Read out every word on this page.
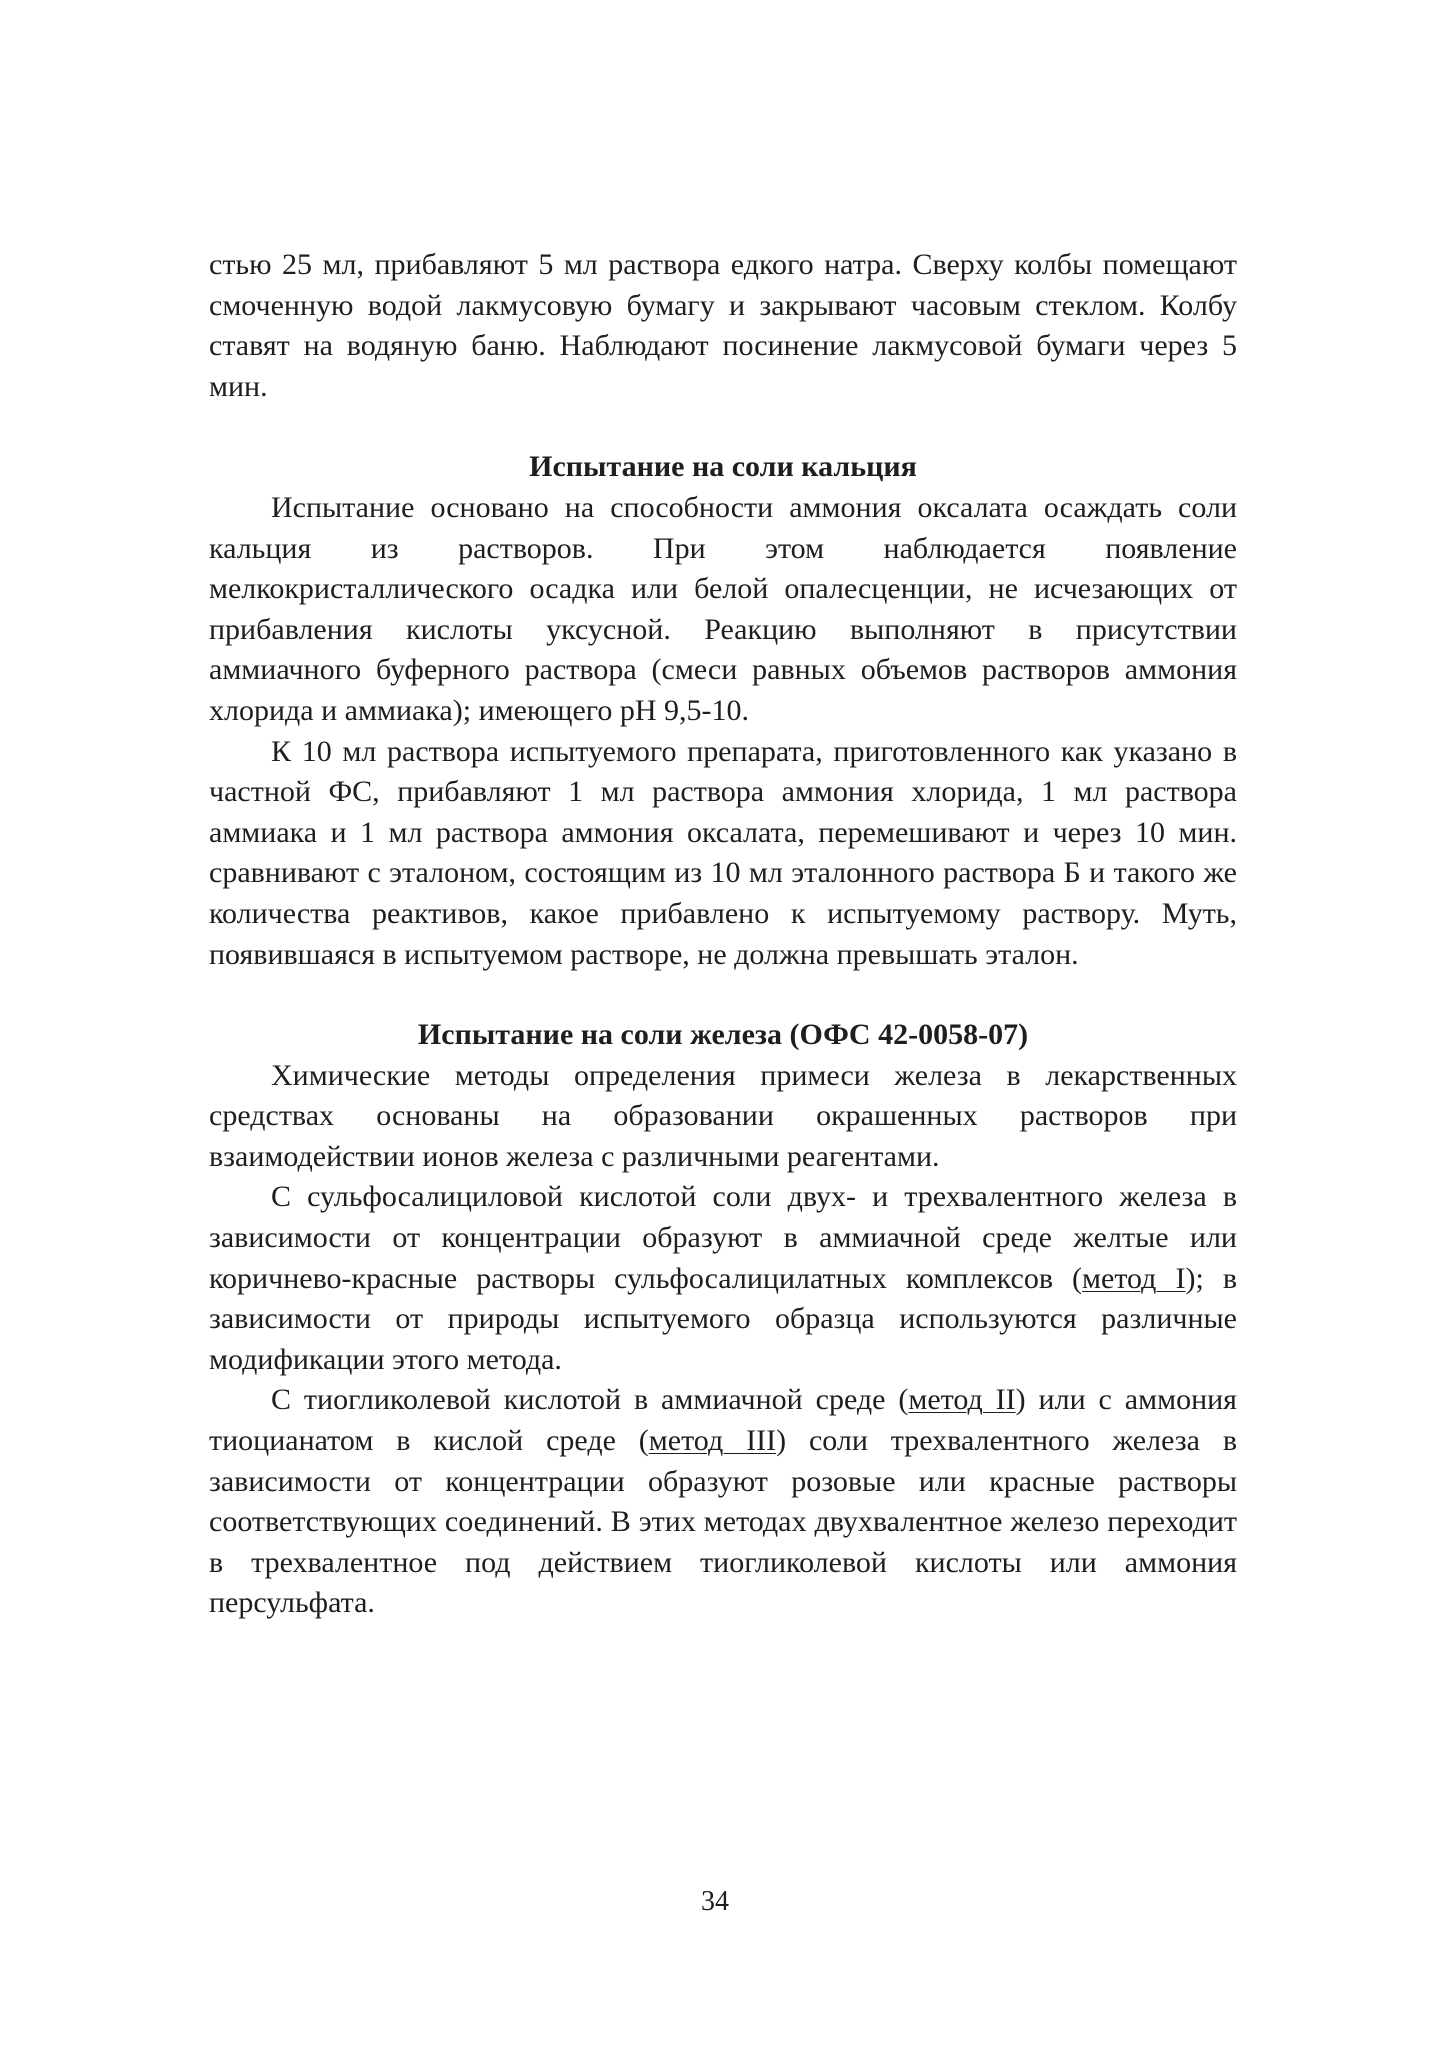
стью 25 мл, прибавляют 5 мл раствора едкого натра. Сверху колбы помещают смоченную водой лакмусовую бумагу и закрывают часовым стеклом. Колбу ставят на водяную баню. Наблюдают посинение лакмусовой бумаги через 5 мин.

Испытание на соли кальция

Испытание основано на способности аммония оксалата осаждать соли кальция из растворов. При этом наблюдается появление мелкокристаллического осадка или белой опалесценции, не исчезающих от прибавления кислоты уксусной. Реакцию выполняют в присутствии аммиачного буферного раствора (смеси равных объемов растворов аммония хлорида и аммиака); имеющего pH 9,5-10.

К 10 мл раствора испытуемого препарата, приготовленного как указано в частной ФС, прибавляют 1 мл раствора аммония хлорида, 1 мл раствора аммиака и 1 мл раствора аммония оксалата, перемешивают и через 10 мин. сравнивают с эталоном, состоящим из 10 мл эталонного раствора Б и такого же количества реактивов, какое прибавлено к испытуемому раствору. Муть, появившаяся в испытуемом растворе, не должна превышать эталон.

Испытание на соли железа (ОФС 42-0058-07)

Химические методы определения примеси железа в лекарственных средствах основаны на образовании окрашенных растворов при взаимодействии ионов железа с различными реагентами.

С сульфосалициловой кислотой соли двух- и трехвалентного железа в зависимости от концентрации образуют в аммиачной среде желтые или коричнево-красные растворы сульфосалицилатных комплексов (метод I); в зависимости от природы испытуемого образца используются различные модификации этого метода.

С тиогликолевой кислотой в аммиачной среде (метод II) или с аммония тиоцианатом в кислой среде (метод III) соли трехвалентного железа в зависимости от концентрации образуют розовые или красные растворы соответствующих соединений. В этих методах двухвалентное железо переходит в трехвалентное под действием тиогликолевой кислоты или аммония персульфата.

34
